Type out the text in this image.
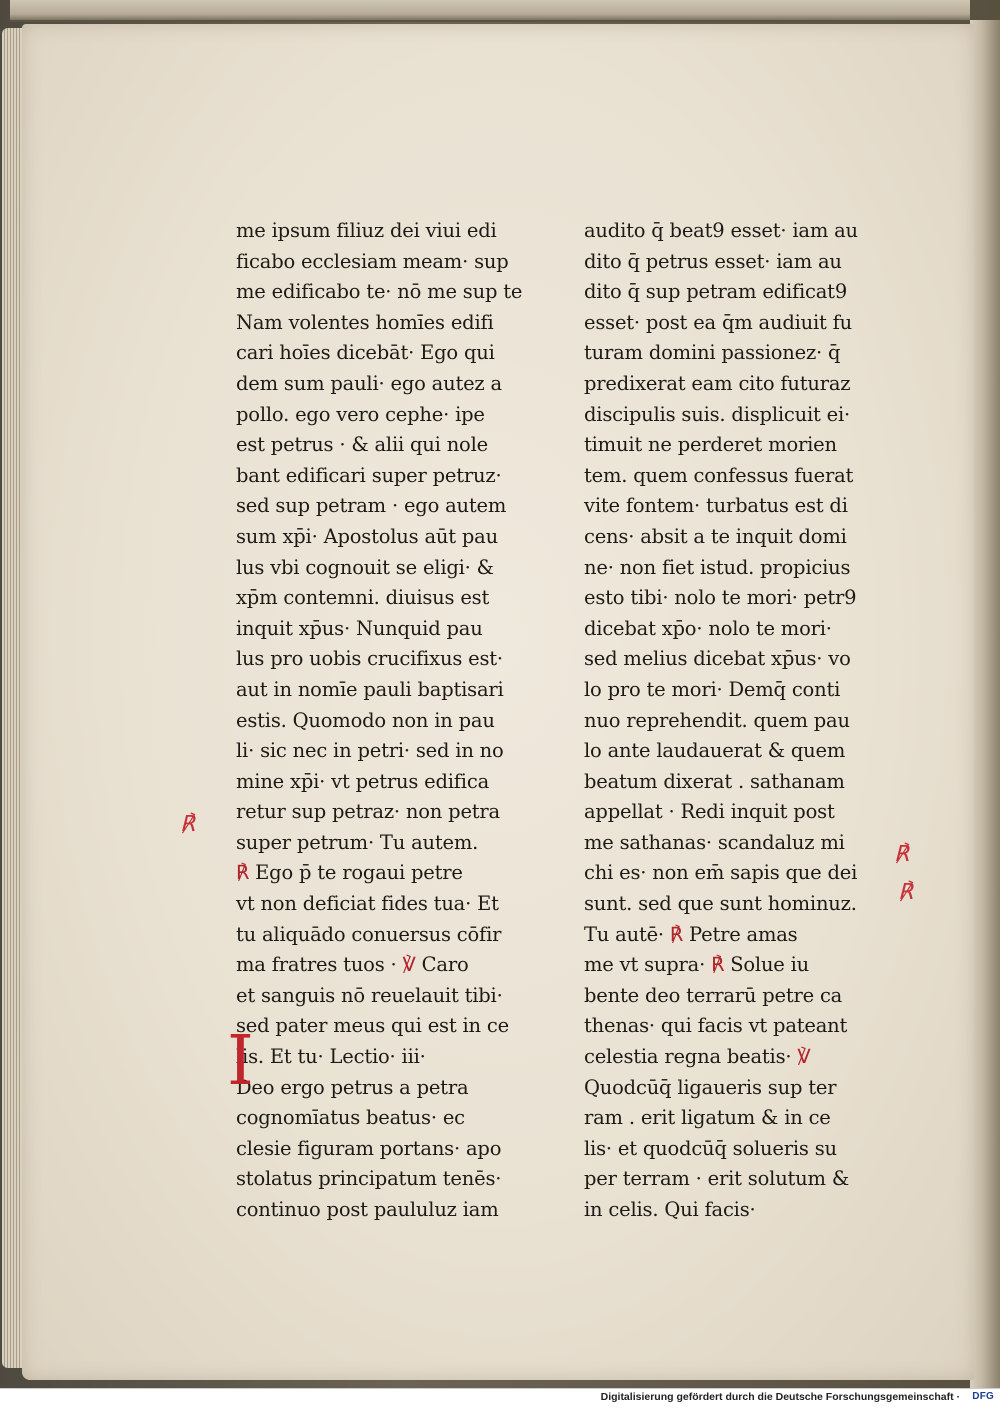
me ipsum filiuz dei viui edi
ficabo ecclesiam meam· sup
me edificabo te· nō me sup te
Nam volentes homīes edifi
cari hoīes dicebāt· Ego qui
dem sum pauli· ego autez a
pollo. ego vero cephe· ipe
est petrus · & alii qui nole
bant edificari super petruz·
sed sup petram · ego autem
sum xp̄i· Apostolus aūt pau
lus vbi cognouit se eligi· &
xp̄m contemni. diuisus est
inquit xp̄us· Nunquid pau
lus pro uobis crucifixus est·
aut in nomīe pauli baptisari
estis. Quomodo non in pau
li· sic nec in petri· sed in no
mine xp̄i· vt petrus edifica
retur sup petraz· non petra
super petrum· Tu autem.
℟ Ego p̄ te rogaui petre
vt non deficiat fides tua· Et
tu aliquādo conuersus cōfir
ma fratres tuos · ℣ Caro
et sanguis nō reuelauit tibi·
sed pater meus qui est in ce
lis. Et tu· Lectio· iii·
Deo ergo petrus a petra
cognomīatus beatus· ec
clesie figuram portans· apo
stolatus principatum tenēs·
continuo post paululuz iam
audito q̄ beat9 esset· iam au
dito q̄ petrus esset· iam au
dito q̄ sup petram edificat9
esset· post ea q̄m audiuit fu
turam domini passionez· q̄
predixerat eam cito futuraz
discipulis suis. displicuit ei·
timuit ne perderet morien
tem. quem confessus fuerat
vite fontem· turbatus est di
cens· absit a te inquit domi
ne· non fiet istud. propicius
esto tibi· nolo te mori· petr9
dicebat xp̄o· nolo te mori·
sed melius dicebat xp̄us· vo
lo pro te mori· Demq̄ conti
nuo reprehendit. quem pau
lo ante laudauerat & quem
beatum dixerat . sathanam
appellat · Redi inquit post
me sathanas· scandaluz mi
chi es· non em̄ sapis que dei
sunt. sed que sunt hominuz.
Tu autē· ℟ Petre amas
me vt supra· ℟ Solue iu
bente deo terrarū petre ca
thenas· qui facis vt pateant
celestia regna beatis· ℣
Quodcūq̄ ligaueris sup ter
ram . erit ligatum & in ce
lis· et quodcūq̄ solueris su
per terram · erit solutum &
in celis. Qui facis·
I
℟
℟
℟
Digitalisierung gefördert durch die Deutsche Forschungsgemeinschaft · DFG
